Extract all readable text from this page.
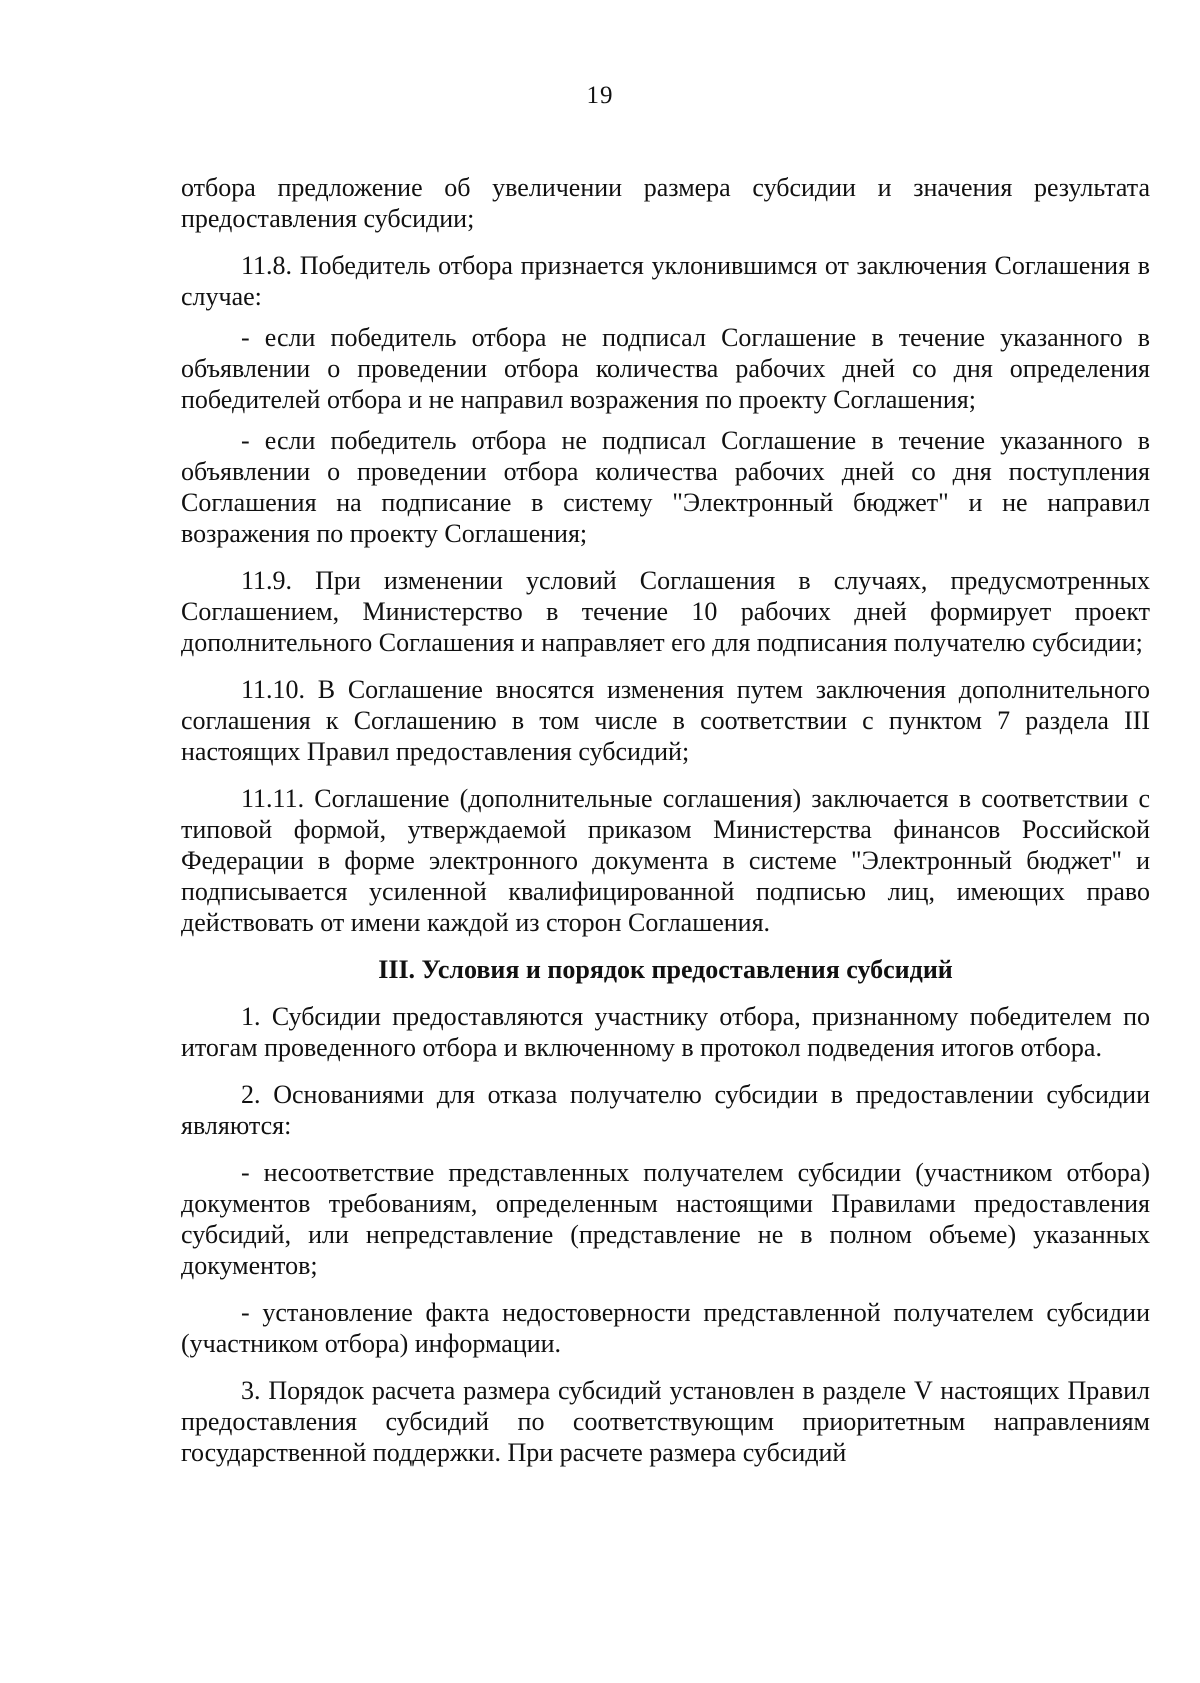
19

отбора предложение об увеличении размера субсидии и значения результата предоставления субсидии;

11.8. Победитель отбора признается уклонившимся от заключения Соглашения в случае:

- если победитель отбора не подписал Соглашение в течение указанного в объявлении о проведении отбора количества рабочих дней со дня определения победителей отбора и не направил возражения по проекту Соглашения;

- если победитель отбора не подписал Соглашение в течение указанного в объявлении о проведении отбора количества рабочих дней со дня поступления Соглашения на подписание в систему "Электронный бюджет" и не направил возражения по проекту Соглашения;

11.9. При изменении условий Соглашения в случаях, предусмотренных Соглашением, Министерство в течение 10 рабочих дней формирует проект дополнительного Соглашения и направляет его для подписания получателю субсидии;

11.10. В Соглашение вносятся изменения путем заключения дополнительного соглашения к Соглашению в том числе в соответствии с пунктом 7 раздела III настоящих Правил предоставления субсидий;

11.11. Соглашение (дополнительные соглашения) заключается в соответствии с типовой формой, утверждаемой приказом Министерства финансов Российской Федерации в форме электронного документа в системе "Электронный бюджет" и подписывается усиленной квалифицированной подписью лиц, имеющих право действовать от имени каждой из сторон Соглашения.

III. Условия и порядок предоставления субсидий

1. Субсидии предоставляются участнику отбора, признанному победителем по итогам проведенного отбора и включенному в протокол подведения итогов отбора.

2. Основаниями для отказа получателю субсидии в предоставлении субсидии являются:

- несоответствие представленных получателем субсидии (участником отбора) документов требованиям, определенным настоящими Правилами предоставления субсидий, или непредставление (представление не в полном объеме) указанных документов;

- установление факта недостоверности представленной получателем субсидии (участником отбора) информации.

3. Порядок расчета размера субсидий установлен в разделе V настоящих Правил предоставления субсидий по соответствующим приоритетным направлениям государственной поддержки. При расчете размера субсидий
